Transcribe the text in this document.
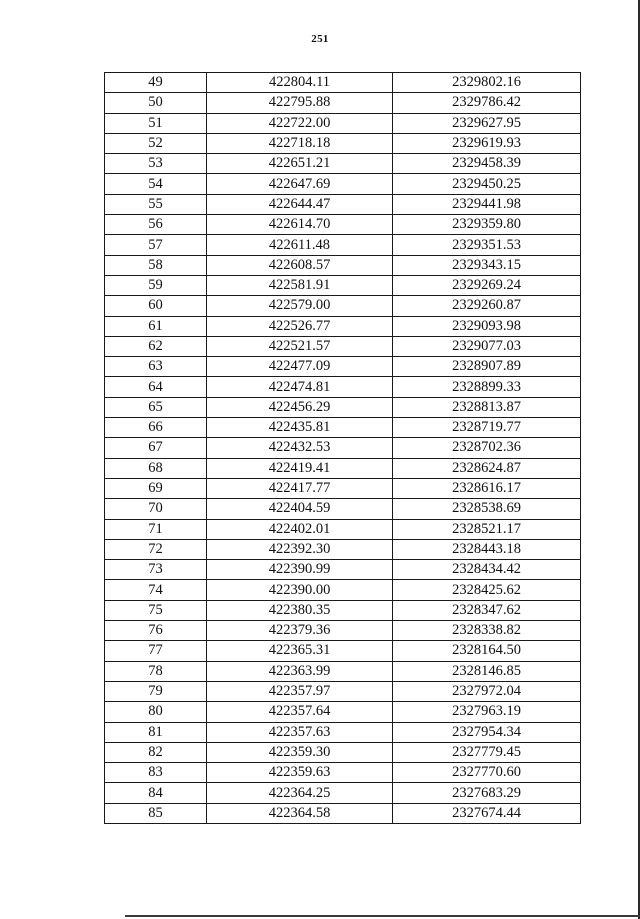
251
49	422804.11	2329802.16
50	422795.88	2329786.42
51	422722.00	2329627.95
52	422718.18	2329619.93
53	422651.21	2329458.39
54	422647.69	2329450.25
55	422644.47	2329441.98
56	422614.70	2329359.80
57	422611.48	2329351.53
58	422608.57	2329343.15
59	422581.91	2329269.24
60	422579.00	2329260.87
61	422526.77	2329093.98
62	422521.57	2329077.03
63	422477.09	2328907.89
64	422474.81	2328899.33
65	422456.29	2328813.87
66	422435.81	2328719.77
67	422432.53	2328702.36
68	422419.41	2328624.87
69	422417.77	2328616.17
70	422404.59	2328538.69
71	422402.01	2328521.17
72	422392.30	2328443.18
73	422390.99	2328434.42
74	422390.00	2328425.62
75	422380.35	2328347.62
76	422379.36	2328338.82
77	422365.31	2328164.50
78	422363.99	2328146.85
79	422357.97	2327972.04
80	422357.64	2327963.19
81	422357.63	2327954.34
82	422359.30	2327779.45
83	422359.63	2327770.60
84	422364.25	2327683.29
85	422364.58	2327674.44
